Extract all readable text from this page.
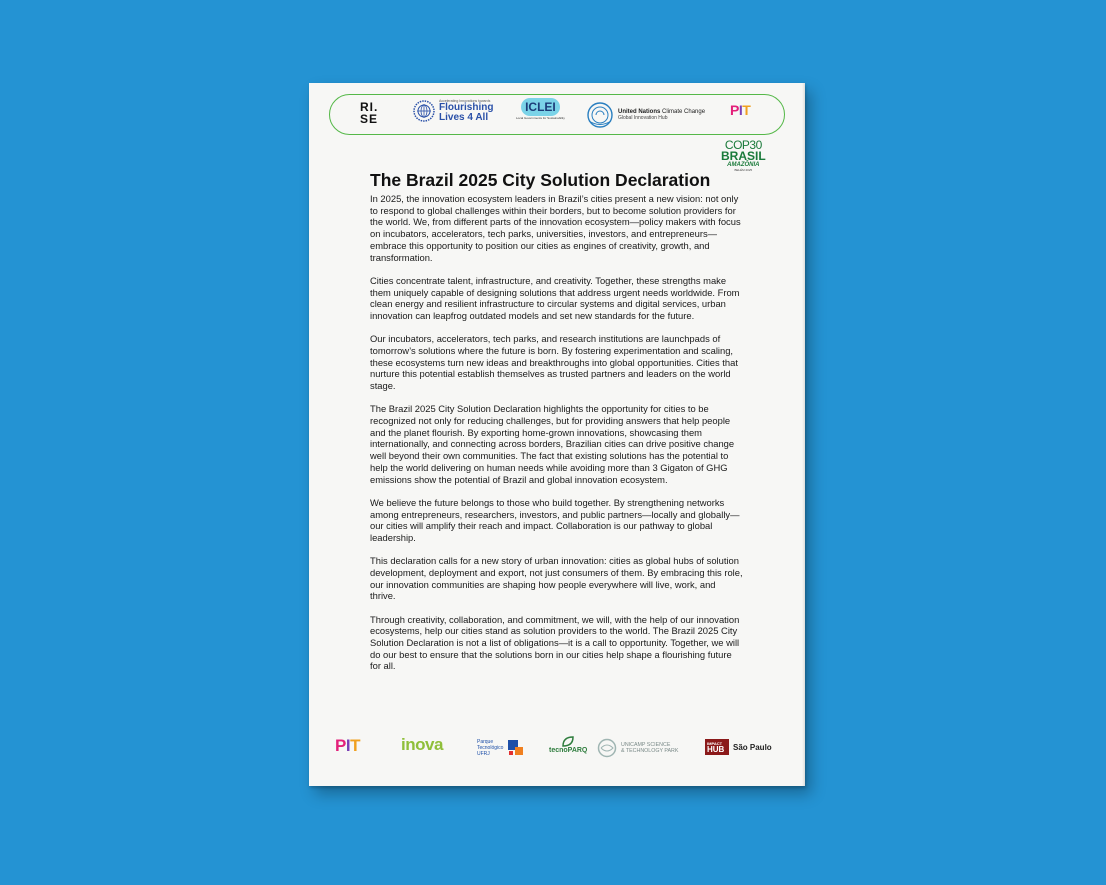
RI.
SE
Accelerating Innovations towards
Flourishing
Lives 4 All
ICLEI
Local Governments for Sustainability
United Nations Climate Change
Global Innovation Hub	PIT
COP30
BRASIL
AMAZÔNIA
BELÉM 2025
The Brazil 2025 City Solution Declaration

In 2025, the innovation ecosystem leaders in Brazil’s cities present a new vision: not only to respond to global challenges within their borders, but to become solution providers for the world. We, from different parts of the innovation ecosystem—policy makers with focus on incubators, accelerators, tech parks, universities, investors, and entrepreneurs—embrace this opportunity to position our cities as engines of creativity, growth, and transformation.

Cities concentrate talent, infrastructure, and creativity. Together, these strengths make them uniquely capable of designing solutions that address urgent needs worldwide. From clean energy and resilient infrastructure to circular systems and digital services, urban innovation can leapfrog outdated models and set new standards for the future.

Our incubators, accelerators, tech parks, and research institutions are launchpads of tomorrow’s solutions where the future is born. By fostering experimentation and scaling, these ecosystems turn new ideas and breakthroughs into global opportunities. Cities that nurture this potential establish themselves as trusted partners and leaders on the world stage.

The Brazil 2025 City Solution Declaration highlights the opportunity for cities to be recognized not only for reducing challenges, but for providing answers that help people and the planet flourish. By exporting home-grown innovations, showcasing them internationally, and connecting across borders, Brazilian cities can drive positive change well beyond their own communities. The fact that existing solutions has the potential to help the world delivering on human needs while avoiding more than 3 Gigaton of GHG emissions show the potential of Brazil and global innovation ecosystem.

We believe the future belongs to those who build together. By strengthening networks among entrepreneurs, researchers, investors, and public partners—locally and globally—our cities will amplify their reach and impact. Collaboration is our pathway to global leadership.

This declaration calls for a new story of urban innovation: cities as global hubs of solution development, deployment and export, not just consumers of them. By embracing this role, our innovation communities are shaping how people everywhere will live, work, and thrive.

Through creativity, collaboration, and commitment, we will, with the help of our innovation ecosystems, help our cities stand as solution providers to the world. The Brazil 2025 City Solution Declaration is not a list of obligations—it is a call to opportunity. Together, we will do our best to ensure that the solutions born in our cities help shape a flourishing future for all.

PIT inova	Parque
Tecnológico
UFRJ	tecnoPARQ
UNICAMP SCIENCE
& TECHNOLOGY PARK
IMPACT
HUB	São Paulo
